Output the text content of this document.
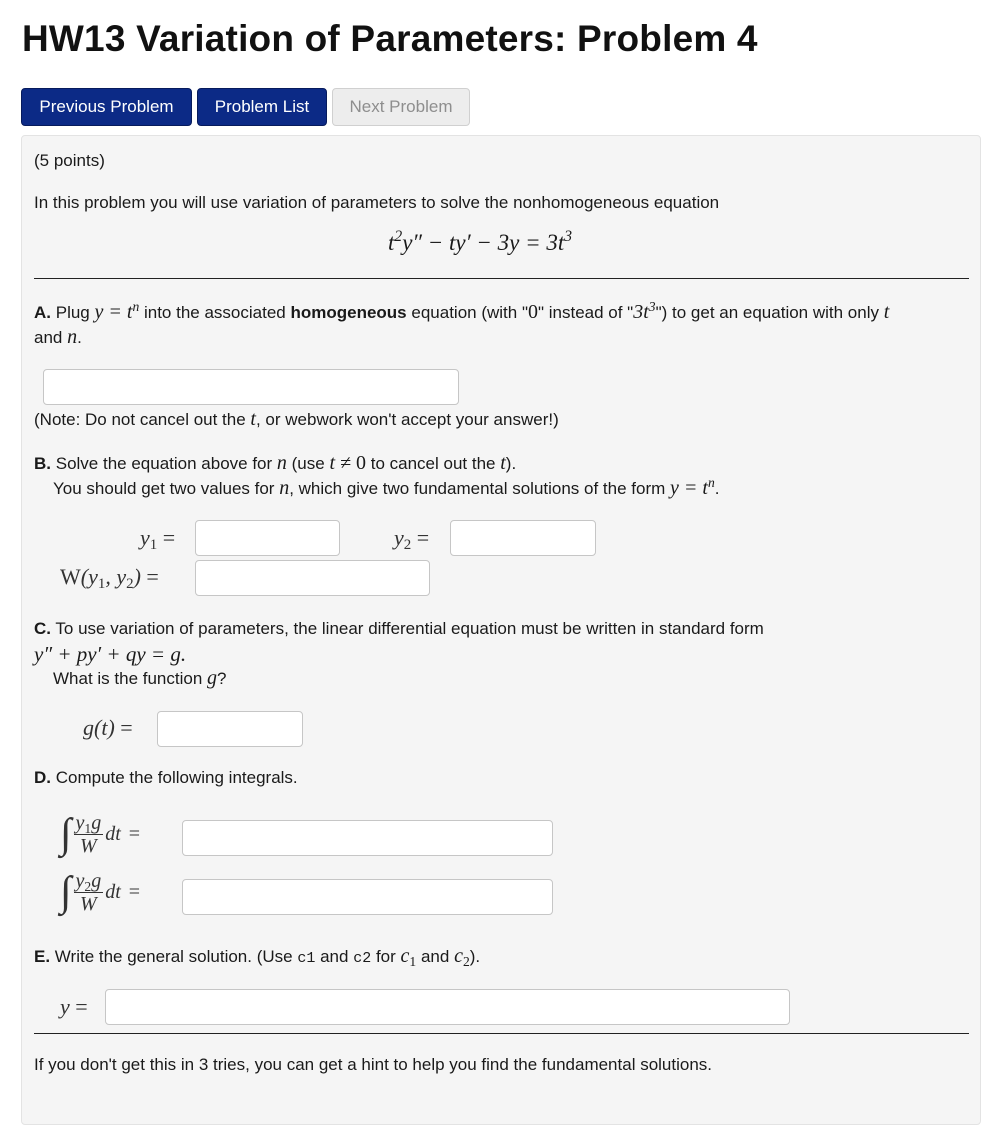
HW13 Variation of Parameters: Problem 4
Previous Problem	Problem List	Next Problem
(5 points)
In this problem you will use variation of parameters to solve the nonhomogeneous equation
$t^2y'' - ty' - 3y = 3t^3$
A. Plug $y = t^n$ into the associated homogeneous equation (with "0" instead of "$3t^3$") to get an equation with only t
and n.
(Note: Do not cancel out the t, or webwork won't accept your answer!)
B. Solve the equation above for n (use t ≠ 0 to cancel out the t).
You should get two values for n, which give two fundamental solutions of the form $y = t^n$.
$y_1$ =	$y_2$ =
$W(y_1$, $y_2$) =
C. To use variation of parameters, the linear differential equation must be written in standard form
y″ + py′ + qy = g.
What is the function g?
g(t) =
D. Compute the following integrals.
∫ $\frac{y_1g}{W}$ dt =
∫ $\frac{y_2g}{W}$ dt =
E. Write the general solution. (Use c1 and c2 for $c_1$ and $c_2$).
y =
If you don't get this in 3 tries, you can get a hint to help you find the fundamental solutions.
